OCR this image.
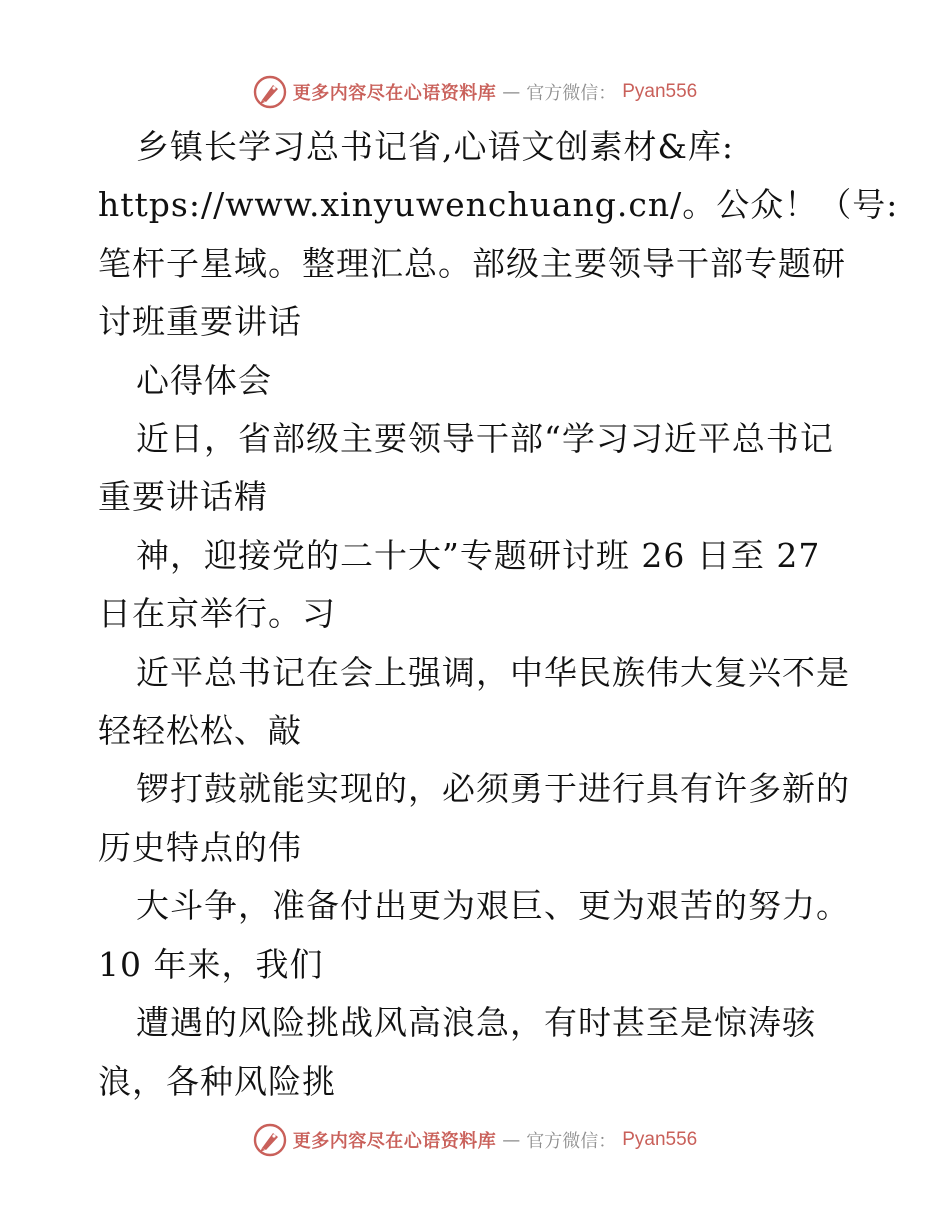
更多内容尽在心语资料库 — 官方微信： Pyan556
乡镇长学习总书记省,心语文创素材&库:
https://www.xinyuwenchuang.cn/。公众！（号:
笔杆子星域。整理汇总。部级主要领导干部专题研
讨班重要讲话
心得体会
近日，省部级主要领导干部“学习习近平总书记
重要讲话精
神，迎接党的二十大”专题研讨班 26 日至 27
日在京举行。习
近平总书记在会上强调，中华民族伟大复兴不是
轻轻松松、敲
锣打鼓就能实现的，必须勇于进行具有许多新的
历史特点的伟
大斗争，准备付出更为艰巨、更为艰苦的努力。
10 年来，我们
遭遇的风险挑战风高浪急，有时甚至是惊涛骇
浪，各种风险挑
更多内容尽在心语资料库 — 官方微信： Pyan556
